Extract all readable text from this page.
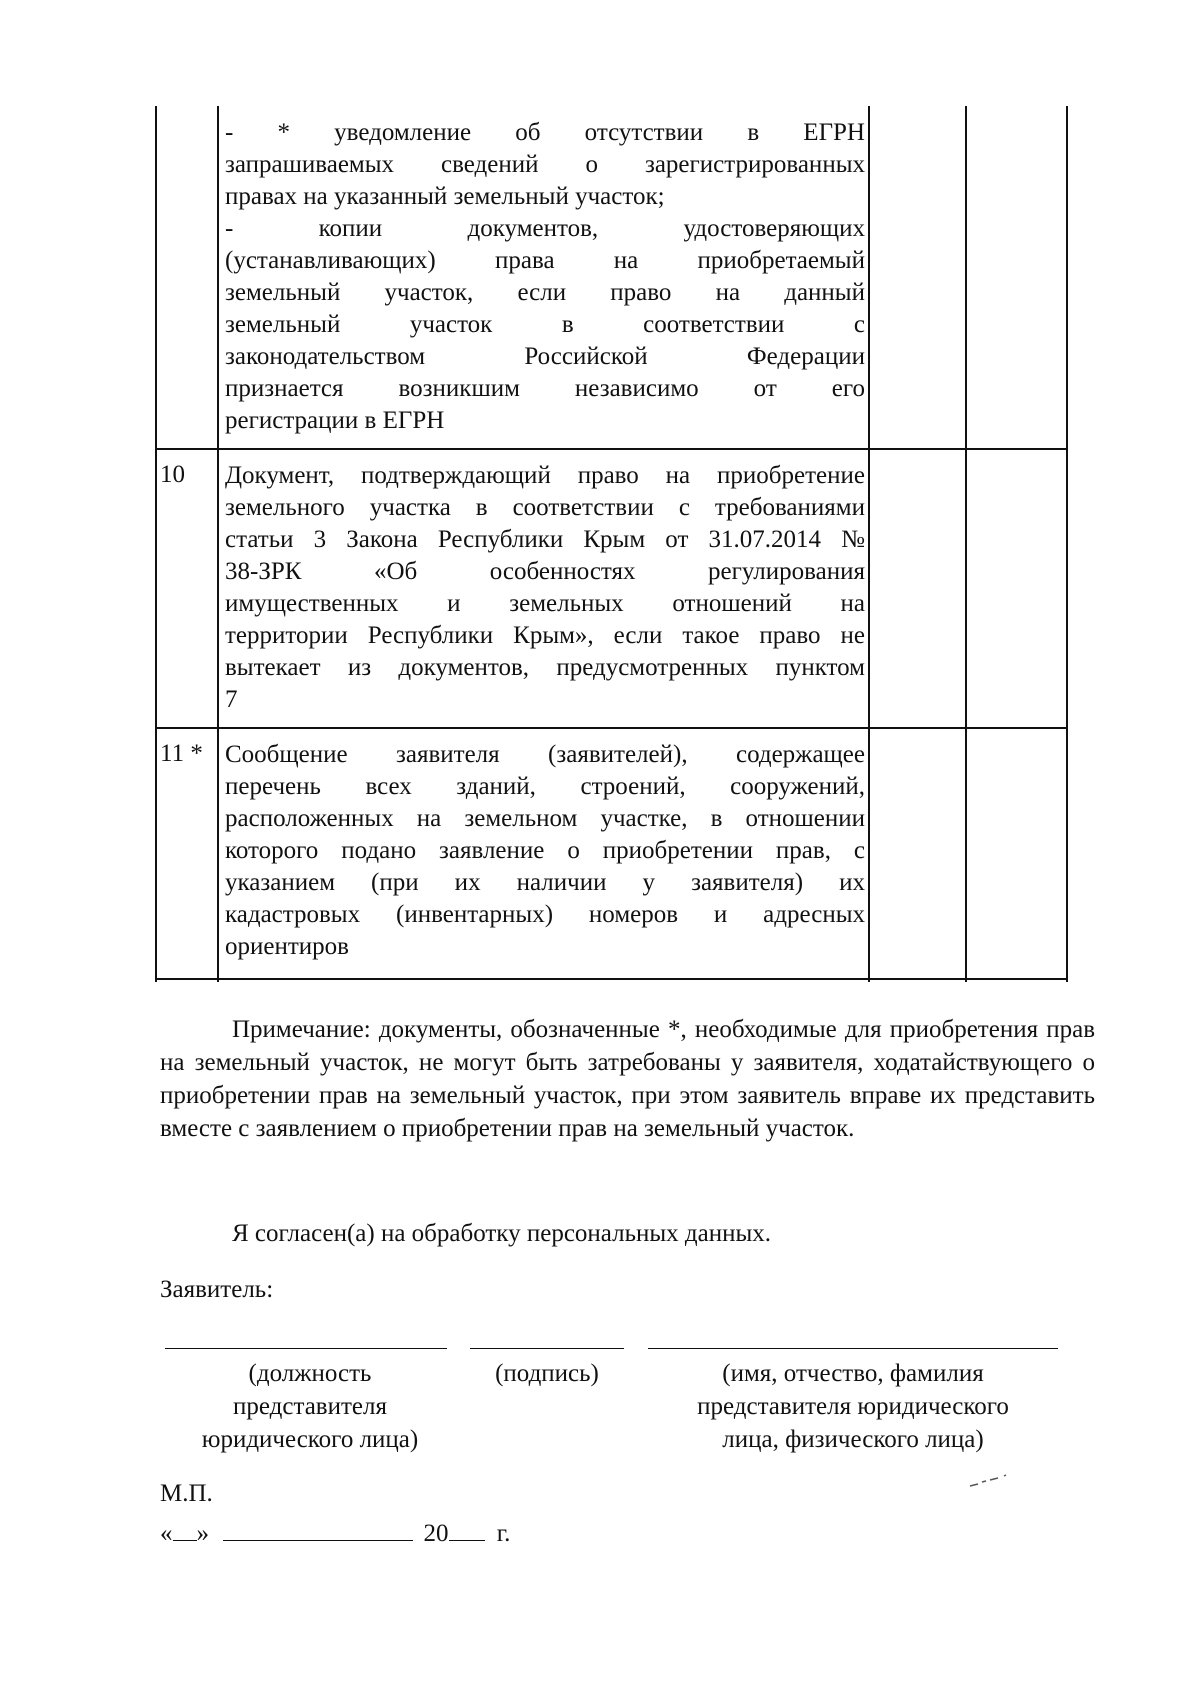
- * уведомление об отсутствии в ЕГРН

запрашиваемых сведений о зарегистрированных

правах на указанный земельный участок;

- копии документов, удостоверяющих

(устанавливающих) права на приобретаемый

земельный участок, если право на данный

земельный участок в соответствии с

законодательством Российской Федерации

признается возникшим независимо от его

регистрации в ЕГРН

10	Документ, подтверждающий право на приобретение

земельного участка в соответствии с требованиями

статьи 3 Закона Республики Крым от 31.07.2014 №

38-ЗРК «Об особенностях регулирования

имущественных и земельных отношений на

территории Республики Крым», если такое право не

вытекает из документов, предусмотренных пунктом

7

11 * Сообщение заявителя (заявителей), содержащее

перечень всех зданий, строений, сооружений,

расположенных на земельном участке, в отношении

которого подано заявление о приобретении прав, с

указанием (при их наличии у заявителя) их

кадастровых (инвентарных) номеров и адресных

ориентиров

Примечание: документы, обозначенные *, необходимые для приобретения прав на земельный участок, не могут быть затребованы у заявителя, ходатайствующего о приобретении прав на земельный участок, при этом заявитель вправе их представить вместе с заявлением о приобретении прав на земельный участок.
Я согласен(а) на обработку персональных данных.
Заявитель:
(должность
представителя
юридического лица)
(подпись)	(имя, отчество, фамилия
представителя юридического
лица, физического лица)
М.П.
« »	20 г.
